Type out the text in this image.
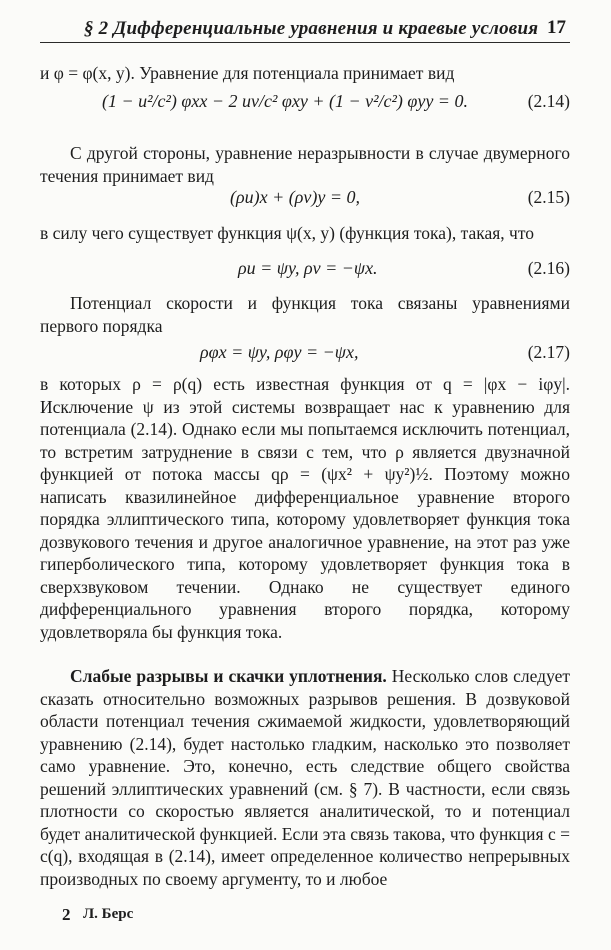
§ 2 Дифференциальные уравнения и краевые условия 17

и φ = φ(x, y). Уравнение для потенциала принимает вид

(1 − u²/c²) φxx − 2 uv/c² φxy + (1 − v²/c²) φyy = 0.	(2.14)

С другой стороны, уравнение неразрывности в случае двумерного течения принимает вид

(ρu)x + (ρv)y = 0,	(2.15)

в силу чего существует функция ψ(x, y) (функция тока), такая, что

ρu = ψy, ρv = −ψx.	(2.16)

Потенциал скорости и функция тока связаны уравнениями первого порядка

ρφx = ψy, ρφy = −ψx,	(2.17)

в которых ρ = ρ(q) есть известная функция от q = |φx − iφy|. Исключение ψ из этой системы возвращает нас к уравнению для потенциала (2.14). Однако если мы попытаемся исключить потенциал, то встретим затруднение в связи с тем, что ρ является двузначной функцией от потока массы qρ = (ψx² + ψy²)½. Поэтому можно написать квазилинейное дифференциальное уравнение второго порядка эллиптического типа, которому удовлетворяет функция тока дозвукового течения и другое аналогичное уравнение, на этот раз уже гиперболического типа, которому удовлетворяет функция тока в сверхзвуковом течении. Однако не существует единого дифференциального уравнения второго порядка, которому удовлетворяла бы функция тока.

Слабые разрывы и скачки уплотнения. Несколько слов следует сказать относительно возможных разрывов решения. В дозвуковой области потенциал течения сжимаемой жидкости, удовлетворяющий уравнению (2.14), будет настолько гладким, насколько это позволяет само уравнение. Это, конечно, есть следствие общего свойства решений эллиптических уравнений (см. § 7). В частности, если связь плотности со скоростью является аналитической, то и потенциал будет аналитической функцией. Если эта связь такова, что функция c = c(q), входящая в (2.14), имеет определенное количество непрерывных производных по своему аргументу, то и любое

2 Л. Берс
